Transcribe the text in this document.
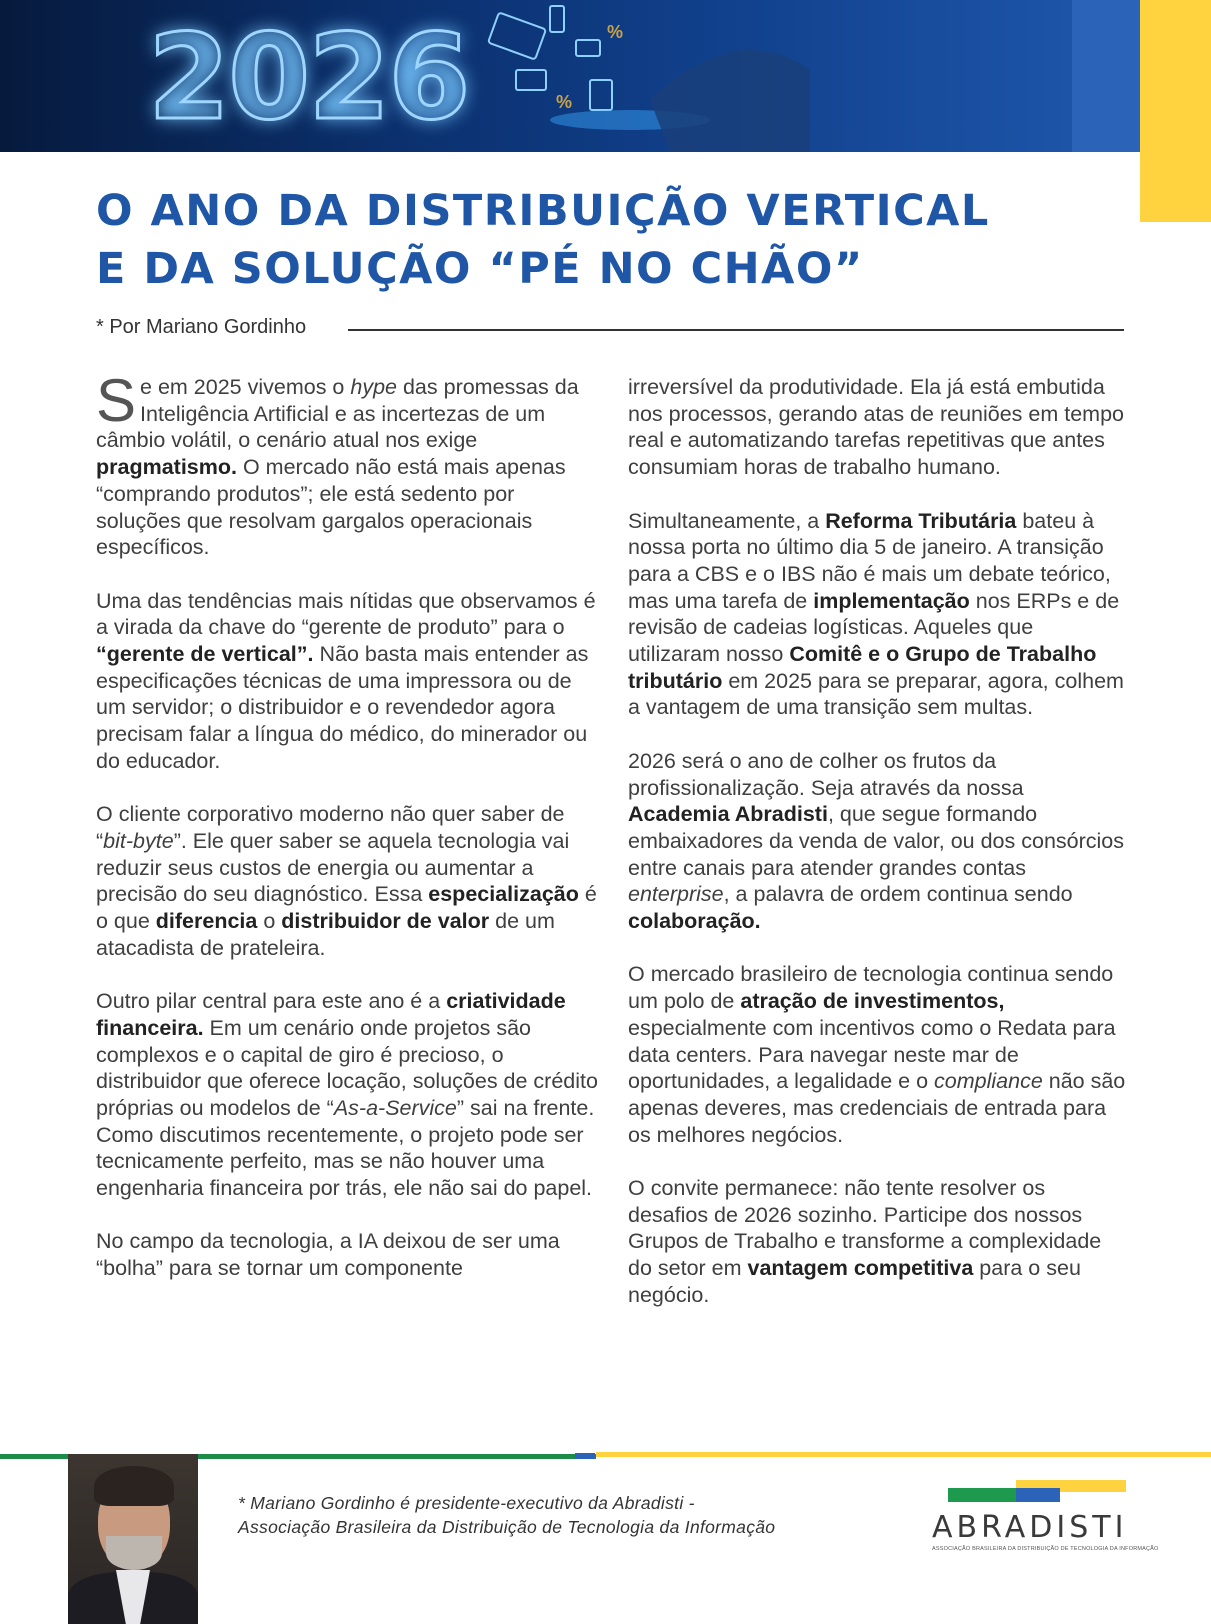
2026	%
%
O ANO DA DISTRIBUIÇÃO VERTICAL
E DA SOLUÇÃO “PÉ NO CHÃO”
* Por Mariano Gordinho

Se em 2025 vivemos o hype das promessas da Inteligência Artificial e as incertezas de um câmbio volátil, o cenário atual nos exige pragmatismo. O mercado não está mais apenas “comprando produtos”; ele está sedento por soluções que resolvam gargalos operacionais específicos.

Uma das tendências mais nítidas que observamos é a virada da chave do “gerente de produto” para o “gerente de vertical”. Não basta mais entender as especificações técnicas de uma impressora ou de um servidor; o distribuidor e o revendedor agora precisam falar a língua do médico, do minerador ou do educador.

O cliente corporativo moderno não quer saber de “bit-byte”. Ele quer saber se aquela tecnologia vai reduzir seus custos de energia ou aumentar a precisão do seu diagnóstico. Essa especialização é o que diferencia o distribuidor de valor de um atacadista de prateleira.

Outro pilar central para este ano é a criatividade financeira. Em um cenário onde projetos são complexos e o capital de giro é precioso, o distribuidor que oferece locação, soluções de crédito próprias ou modelos de “As-a-Service” sai na frente. Como discutimos recentemente, o projeto pode ser tecnicamente perfeito, mas se não houver uma engenharia financeira por trás, ele não sai do papel.

No campo da tecnologia, a IA deixou de ser uma “bolha” para se tornar um componente

irreversível da produtividade. Ela já está embutida nos processos, gerando atas de reuniões em tempo real e automatizando tarefas repetitivas que antes consumiam horas de trabalho humano.

Simultaneamente, a Reforma Tributária bateu à nossa porta no último dia 5 de janeiro. A transição para a CBS e o IBS não é mais um debate teórico, mas uma tarefa de implementação nos ERPs e de revisão de cadeias logísticas. Aqueles que utilizaram nosso Comitê e o Grupo de Trabalho tributário em 2025 para se preparar, agora, colhem a vantagem de uma transição sem multas.

2026 será o ano de colher os frutos da profissionalização. Seja através da nossa Academia Abradisti, que segue formando embaixadores da venda de valor, ou dos consórcios entre canais para atender grandes contas enterprise, a palavra de ordem continua sendo colaboração.

O mercado brasileiro de tecnologia continua sendo um polo de atração de investimentos, especialmente com incentivos como o Redata para data centers. Para navegar neste mar de oportunidades, a legalidade e o compliance não são apenas deveres, mas credenciais de entrada para os melhores negócios.

O convite permanece: não tente resolver os desafios de 2026 sozinho. Participe dos nossos Grupos de Trabalho e transforme a complexidade do setor em vantagem competitiva para o seu negócio.

* Mariano Gordinho é presidente-executivo da Abradisti -
Associação Brasileira da Distribuição de Tecnologia da Informação	ABRADISTI
ASSOCIAÇÃO BRASILEIRA DA DISTRIBUIÇÃO DE TECNOLOGIA DA INFORMAÇÃO
